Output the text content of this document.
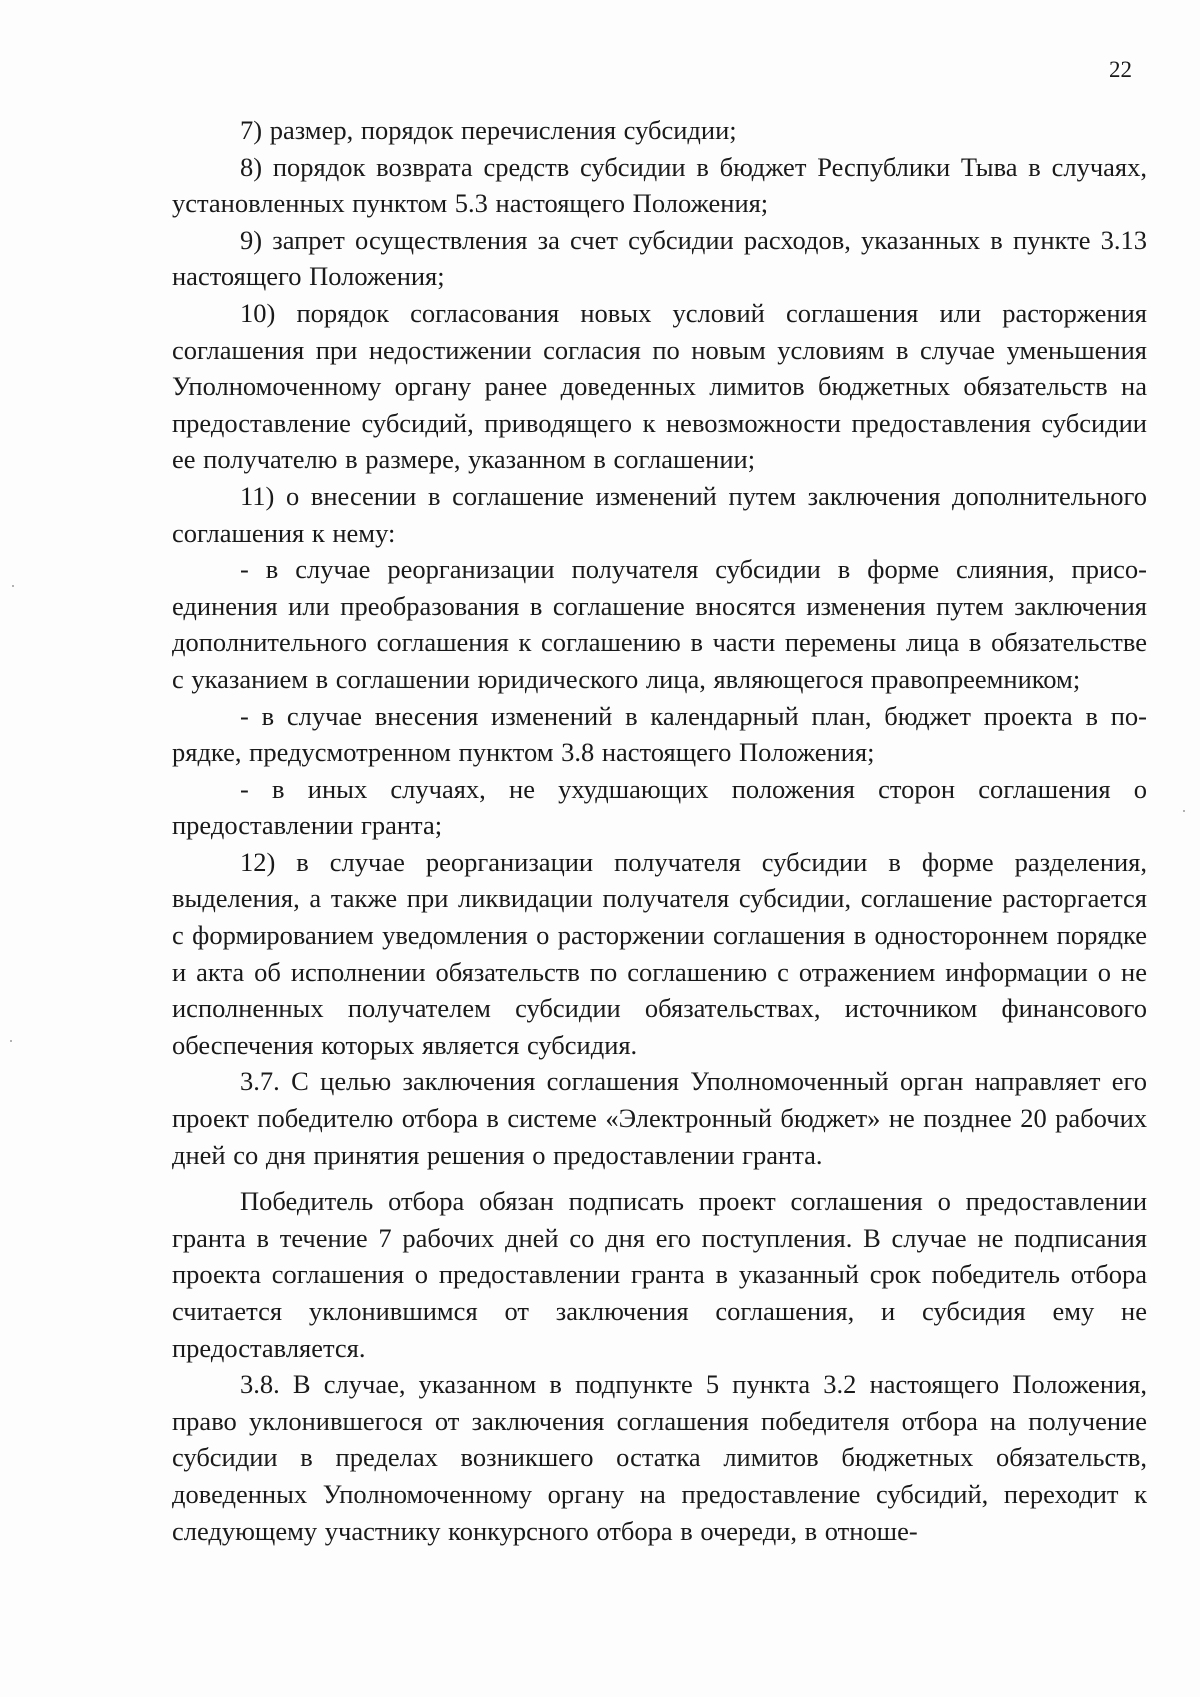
22

7) размер, порядок перечисления субсидии;

8) порядок возврата средств субсидии в бюджет Республики Тыва в случаях, установленных пунктом 5.3 настоящего Положения;

9) запрет осуществления за счет субсидии расходов, указанных в пункте 3.13 настоящего Положения;

10) порядок согласования новых условий соглашения или расторжения соглашения при недостижении согласия по новым условиям в случае уменьшения Уполномоченному органу ранее доведенных лимитов бюджетных обязательств на предоставление субсидий, приводящего к невозможности предоставления субсидии ее получателю в размере, указанном в соглашении;

11) о внесении в соглашение изменений путем заключения дополнительного соглашения к нему:

- в случае реорганизации получателя субсидии в форме слияния, присоединения или преобразования в соглашение вносятся изменения путем заключения дополнительного соглашения к соглашению в части перемены лица в обязательстве с указанием в соглашении юридического лица, являющегося правопреемником;

- в случае внесения изменений в календарный план, бюджет проекта в порядке, предусмотренном пунктом 3.8 настоящего Положения;

- в иных случаях, не ухудшающих положения сторон соглашения о предоставлении гранта;

12) в случае реорганизации получателя субсидии в форме разделения, выделения, а также при ликвидации получателя субсидии, соглашение расторгается с формированием уведомления о расторжении соглашения в одностороннем порядке и акта об исполнении обязательств по соглашению с отражением информации о не исполненных получателем субсидии обязательствах, источником финансового обеспечения которых является субсидия.

3.7. С целью заключения соглашения Уполномоченный орган направляет его проект победителю отбора в системе «Электронный бюджет» не позднее 20 рабочих дней со дня принятия решения о предоставлении гранта.

Победитель отбора обязан подписать проект соглашения о предоставлении гранта в течение 7 рабочих дней со дня его поступления. В случае не подписания проекта соглашения о предоставлении гранта в указанный срок победитель отбора считается уклонившимся от заключения соглашения, и субсидия ему не предоставляется.

3.8. В случае, указанном в подпункте 5 пункта 3.2 настоящего Положения, право уклонившегося от заключения соглашения победителя отбора на получение субсидии в пределах возникшего остатка лимитов бюджетных обязательств, доведенных Уполномоченному органу на предоставление субсидий, переходит к следующему участнику конкурсного отбора в очереди, в отноше-
